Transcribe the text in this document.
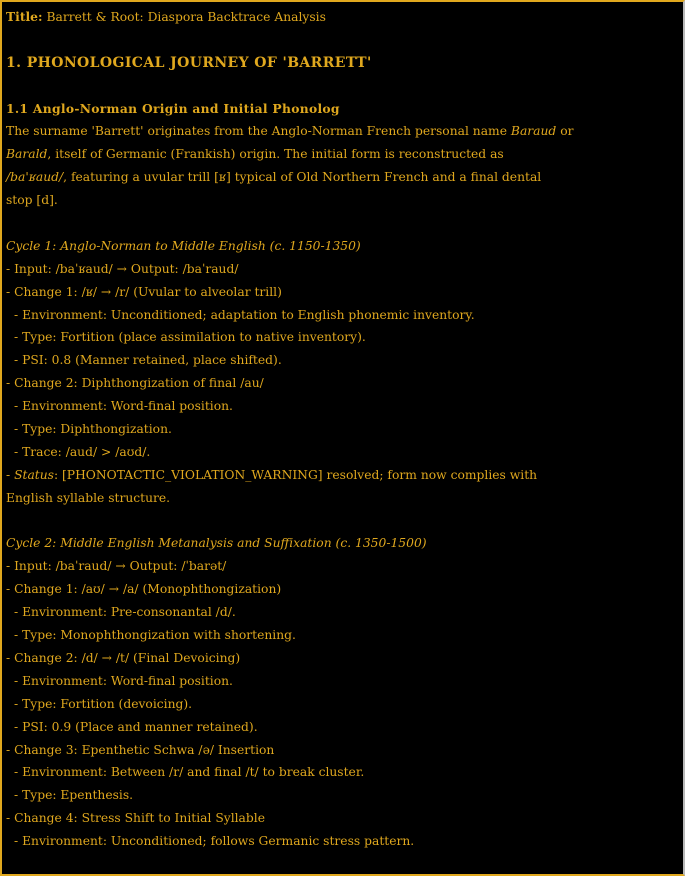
Title: Barrett & Root: Diaspora Backtrace Analysis
1. PHONOLOGICAL JOURNEY OF 'BARRETT'
1.1 Anglo-Norman Origin and Initial Phonolog
The surname 'Barrett' originates from the Anglo-Norman French personal name Baraud or
Barald, itself of Germanic (Frankish) origin. The initial form is reconstructed as
/ba'ʁaud/, featuring a uvular trill [ʁ] typical of Old Northern French and a final dental
stop [d].
Cycle 1: Anglo-Norman to Middle English (c. 1150-1350)
- Input: /baˈʁaud/ → Output: /baˈraud/
- Change 1: /ʁ/ → /r/ (Uvular to alveolar trill)
- Environment: Unconditioned; adaptation to English phonemic inventory.
- Type: Fortition (place assimilation to native inventory).
- PSI: 0.8 (Manner retained, place shifted).
- Change 2: Diphthongization of final /au/
- Environment: Word-final position.
- Type: Diphthongization.
- Trace: /aud/ > /aʊd/.
- Status: [PHONOTACTIC_VIOLATION_WARNING] resolved; form now complies with
English syllable structure.
Cycle 2: Middle English Metanalysis and Suffixation (c. 1350-1500)
- Input: /baˈraud/ → Output: /ˈbarət/
- Change 1: /aʊ/ → /a/ (Monophthongization)
- Environment: Pre-consonantal /d/.
- Type: Monophthongization with shortening.
- Change 2: /d/ → /t/ (Final Devoicing)
- Environment: Word-final position.
- Type: Fortition (devoicing).
- PSI: 0.9 (Place and manner retained).
- Change 3: Epenthetic Schwa /ə/ Insertion
- Environment: Between /r/ and final /t/ to break cluster.
- Type: Epenthesis.
- Change 4: Stress Shift to Initial Syllable
- Environment: Unconditioned; follows Germanic stress pattern.
